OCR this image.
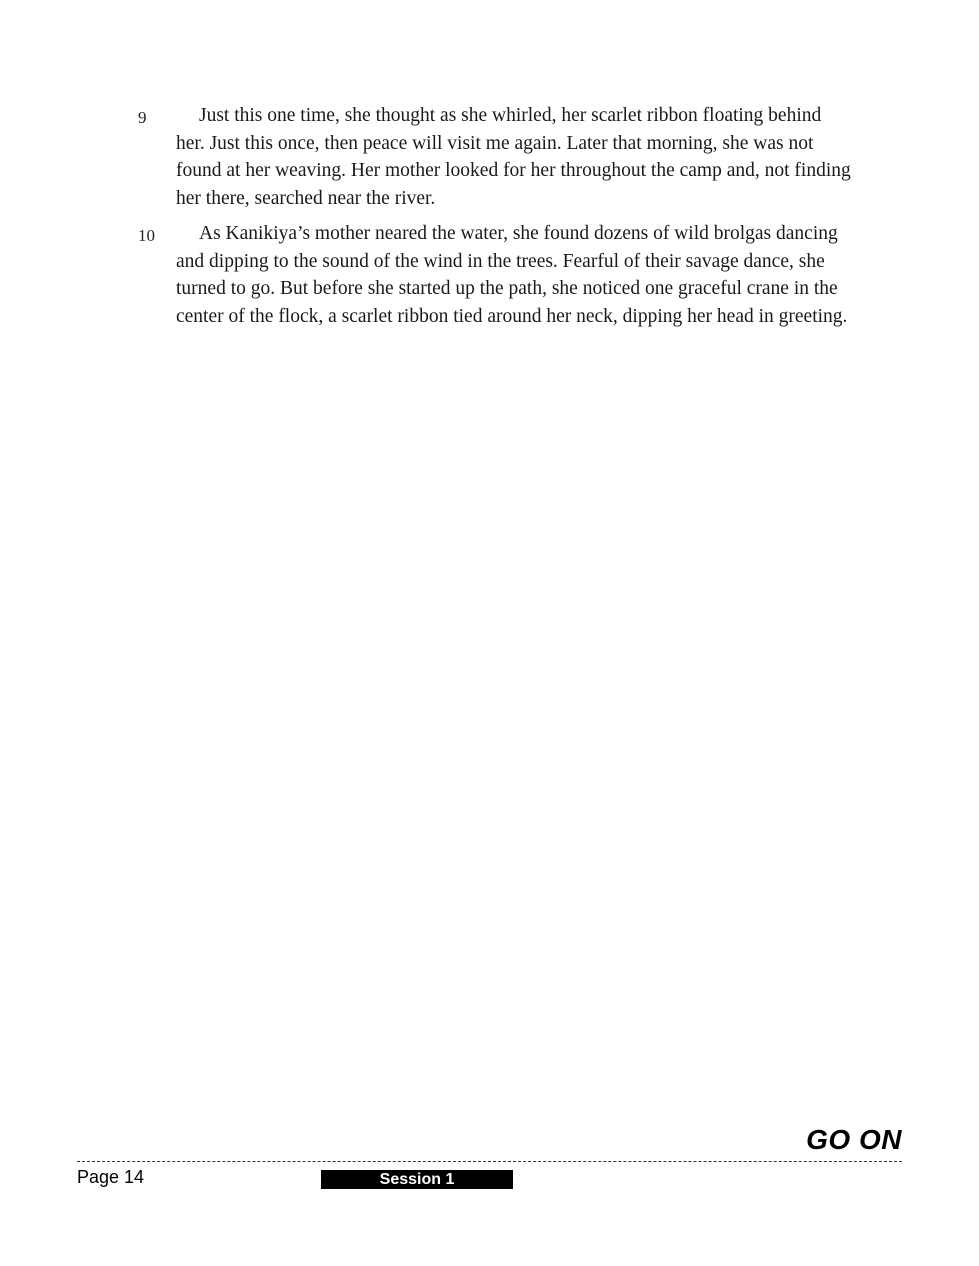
9	Just this one time, she thought as she whirled, her scarlet ribbon floating behind her. Just this once, then peace will visit me again. Later that morning, she was not found at her weaving. Her mother looked for her throughout the camp and, not finding her there, searched near the river.
10	As Kanikiya’s mother neared the water, she found dozens of wild brolgas dancing and dipping to the sound of the wind in the trees. Fearful of their savage dance, she turned to go. But before she started up the path, she noticed one graceful crane in the center of the flock, a scarlet ribbon tied around her neck, dipping her head in greeting.
GO ON
Page 14	Session 1
